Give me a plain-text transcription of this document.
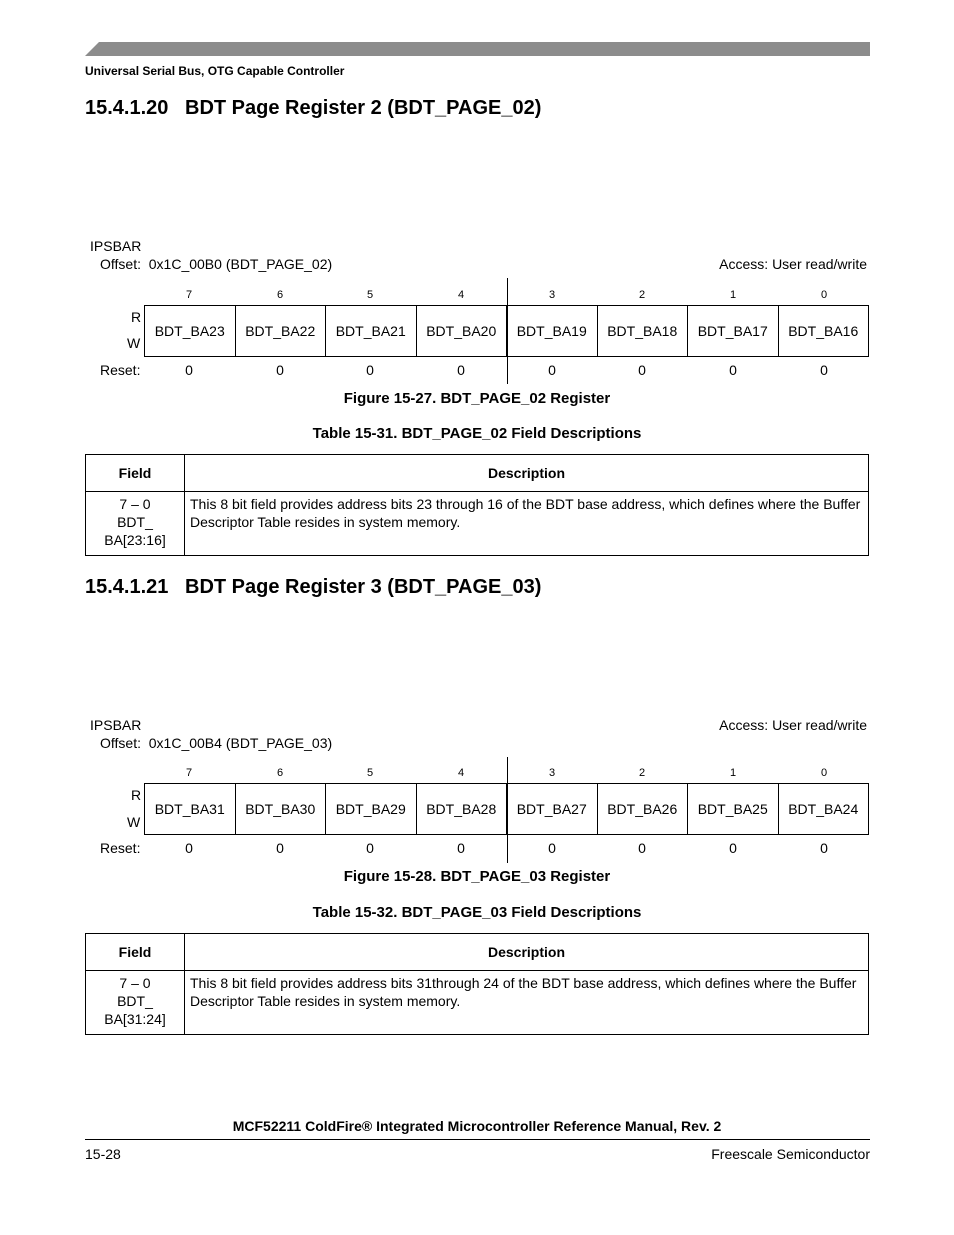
Universal Serial Bus, OTG Capable Controller
15.4.1.20 BDT Page Register 2 (BDT_PAGE_02)
IPSBAR
Offset: 0x1C_00B0 (BDT_PAGE_02)	Access: User read/write
7	6	5	4	3	2	1	0
R
W
BDT_BA23	BDT_BA22	BDT_BA21	BDT_BA20	BDT_BA19	BDT_BA18	BDT_BA17	BDT_BA16
Reset:	0	0	0	0	0	0	0	0
Figure 15-27. BDT_PAGE_02 Register
Table 15-31. BDT_PAGE_02 Field Descriptions
Field	Description

7 – 0
BDT_
BA[23:16]	This 8 bit field provides address bits 23 through 16 of the BDT base address, which defines where the Buffer Descriptor Table resides in system memory.
15.4.1.21 BDT Page Register 3 (BDT_PAGE_03)
IPSBAR
Offset: 0x1C_00B4 (BDT_PAGE_03)
Access: User read/write
7	6	5	4	3	2	1	0
R
W
BDT_BA31	BDT_BA30	BDT_BA29	BDT_BA28	BDT_BA27	BDT_BA26	BDT_BA25	BDT_BA24
Reset:	0	0	0	0	0	0	0	0
Figure 15-28. BDT_PAGE_03 Register
Table 15-32. BDT_PAGE_03 Field Descriptions
Field	Description

7 – 0
BDT_
BA[31:24]	This 8 bit field provides address bits 31through 24 of the BDT base address, which defines where the Buffer Descriptor Table resides in system memory.
MCF52211 ColdFire® Integrated Microcontroller Reference Manual, Rev. 2
15-28	Freescale Semiconductor
